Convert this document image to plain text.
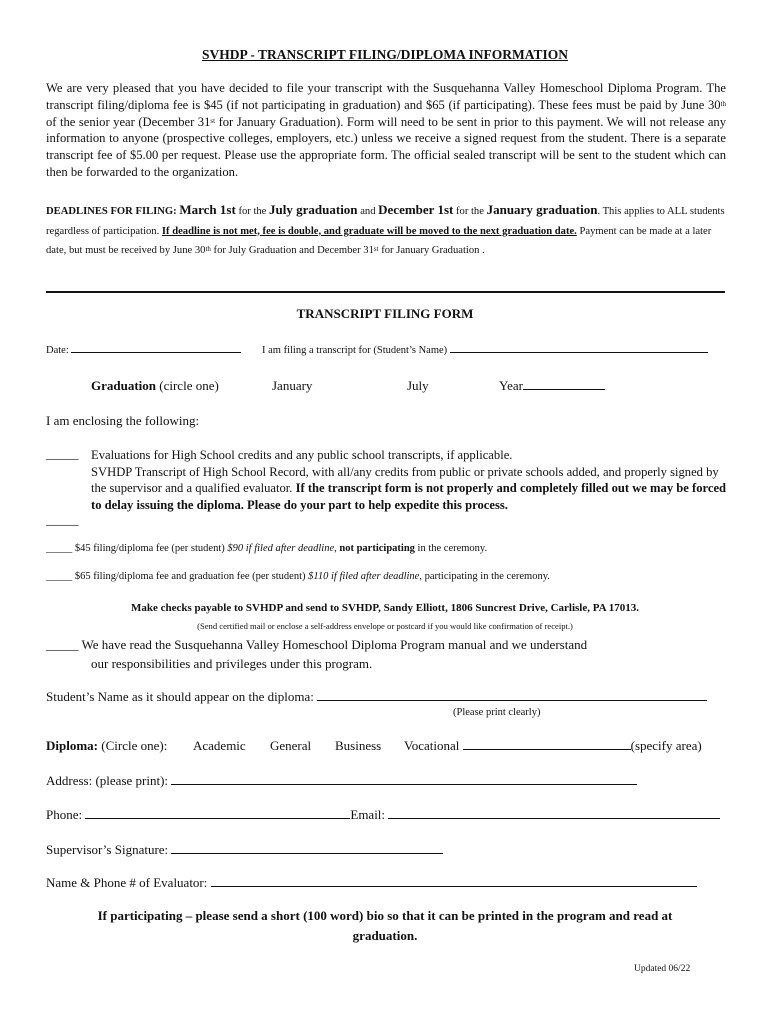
SVHDP - TRANSCRIPT FILING/DIPLOMA INFORMATION

We are very pleased that you have decided to file your transcript with the Susquehanna Valley Homeschool Diploma Program. The transcript filing/diploma fee is $45 (if not participating in graduation) and $65 (if participating). These fees must be paid by June 30th of the senior year (December 31st for January Graduation). Form will need to be sent in prior to this payment. We will not release any information to anyone (prospective colleges, employers, etc.) unless we receive a signed request from the student. There is a separate transcript fee of $5.00 per request. Please use the appropriate form. The official sealed transcript will be sent to the student which can then be forwarded to the organization.

DEADLINES FOR FILING: March 1st for the July graduation and December 1st for the January graduation. This applies to ALL students regardless of participation. If deadline is not met, fee is double, and graduate will be moved to the next graduation date. Payment can be made at a later date, but must be received by June 30th for July Graduation and December 31st for January Graduation .
TRANSCRIPT FILING FORM
Date:	I am filing a transcript for (Student’s Name)
Graduation (circle one)	January	July	Year
I am enclosing the following:
_____ Evaluations for High School credits and any public school transcripts, if applicable.
SVHDP Transcript of High School Record, with all/any credits from public or private schools added, and properly signed by the supervisor and a qualified evaluator. If the transcript form is not properly and completely filled out we may be forced to delay issuing the diploma. Please do your part to help expedite this process.
_____
_____ $45 filing/diploma fee (per student) $90 if filed after deadline, not participating in the ceremony.
_____ $65 filing/diploma fee and graduation fee (per student) $110 if filed after deadline, participating in the ceremony.
Make checks payable to SVHDP and send to SVHDP, Sandy Elliott, 1806 Suncrest Drive, Carlisle, PA 17013.
(Send certified mail or enclose a self-address envelope or postcard if you would like confirmation of receipt.)
_____ We have read the Susquehanna Valley Homeschool Diploma Program manual and we understand
our responsibilities and privileges under this program.
Student’s Name as it should appear on the diploma:
(Please print clearly)
Diploma: (Circle one): Academic General Business Vocational	(specify area)
Address: (please print):
Phone:	Email:
Supervisor’s Signature:
Name & Phone # of Evaluator:
If participating – please send a short (100 word) bio so that it can be printed in the program and read at graduation.
Updated 06/22
